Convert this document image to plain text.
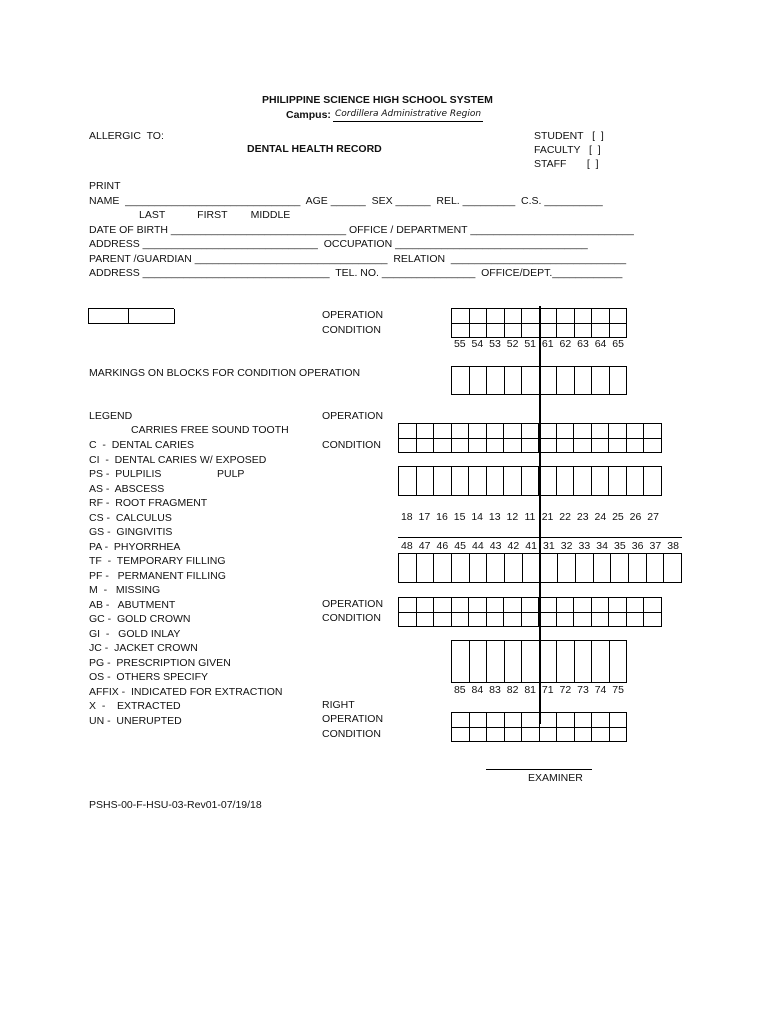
PHILIPPINE SCIENCE HIGH SCHOOL SYSTEM
Campus: Cordillera Administrative Region
ALLERGIC  TO:
DENTAL HEALTH RECORD
STUDENT   [  ]
FACULTY   [  ]
STAFF       [  ]
PRINT
NAME  ______________________________  AGE ______  SEX ______  REL. _________  C.S. __________
LAST           FIRST        MIDDLE
DATE OF BIRTH ______________________________ OFFICE / DEPARTMENT ____________________________
ADDRESS ______________________________  OCCUPATION _________________________________
PARENT /GUARDIAN _________________________________  RELATION  ______________________________
ADDRESS ________________________________  TEL. NO. ________________  OFFICE/DEPT.____________
OPERATION
CONDITION
MARKINGS ON BLOCKS FOR CONDITION OPERATION
OPERATION
CONDITION
OPERATION
CONDITION
RIGHT
OPERATION
CONDITION
55 54 53 52 51 61 62 63 64 65
18 17 16 15 14 13 12 11 21 22 23 24 25 26 27
48 47 46 45 44 43 42 41 31 32 33 34 35 36 37 38
85 84 83 82 81 71 72 73 74 75
LEGEND
CARRIES FREE SOUND TOOTH
PULP
C  -  DENTAL CARIES
CI  -  DENTAL CARIES W/ EXPOSED
PS -  PULPILIS
AS -  ABSCESS
RF -  ROOT FRAGMENT
CS -  CALCULUS
GS -  GINGIVITIS
PA -  PHYORRHEA
TF  -  TEMPORARY FILLING
PF -   PERMANENT FILLING
M  -   MISSING
AB -   ABUTMENT
GC -  GOLD CROWN
GI  -   GOLD INLAY
JC -  JACKET CROWN
PG -  PRESCRIPTION GIVEN
OS -  OTHERS SPECIFY
AFFIX -  INDICATED FOR EXTRACTION
X  -    EXTRACTED
UN -  UNERUPTED
EXAMINER
PSHS-00-F-HSU-03-Rev01-07/19/18
